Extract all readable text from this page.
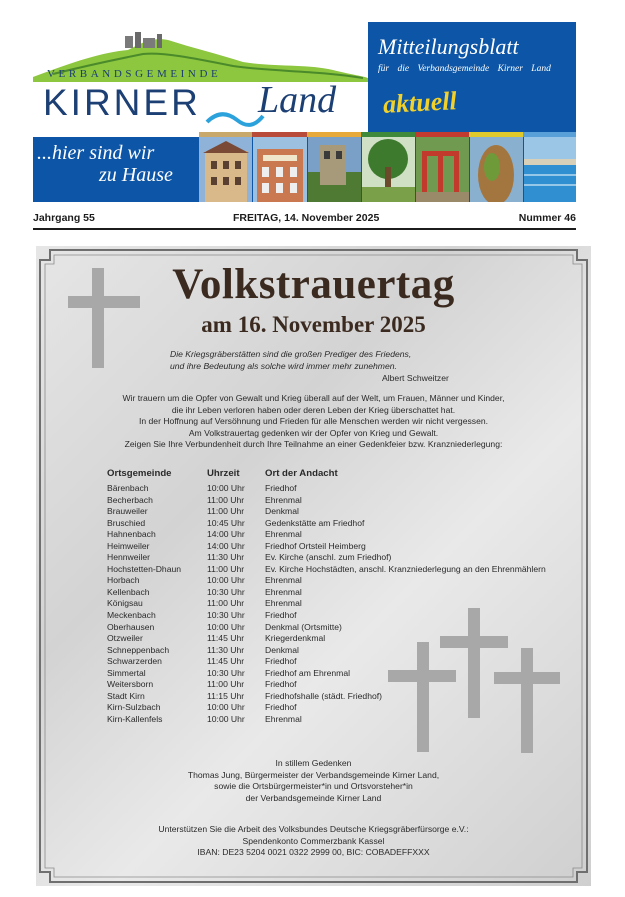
VERBANDSGEMEINDE
KIRNER Land
Mitteilungsblatt
für die Verbandsgemeinde Kirner Land
aktuell
...hier sind wir
zu Hause
Jahrgang 55	FREITAG, 14. November 2025	Nummer 46
Volkstrauertag
am 16. November 2025
Die Kriegsgräberstätten sind die großen Prediger des Friedens,
und ihre Bedeutung als solche wird immer mehr zunehmen.
Albert Schweitzer
Wir trauern um die Opfer von Gewalt und Krieg überall auf der Welt, um Frauen, Männer und Kinder,
die ihr Leben verloren haben oder deren Leben der Krieg überschattet hat.
In der Hoffnung auf Versöhnung und Frieden für alle Menschen werden wir nicht vergessen.
Am Volkstrauertag gedenken wir der Opfer von Krieg und Gewalt.
Zeigen Sie Ihre Verbundenheit durch Ihre Teilnahme an einer Gedenkfeier bzw. Kranzniederlegung:
Ortsgemeinde	Uhrzeit	Ort der Andacht
Bärenbach	10:00 Uhr Friedhof
Becherbach	11:00 Uhr Ehrenmal
Brauweiler	11:00 Uhr Denkmal
Bruschied	10:45 Uhr Gedenkstätte am Friedhof
Hahnenbach	14:00 Uhr Ehrenmal
Heimweiler	14:00 Uhr Friedhof Ortsteil Heimberg
Hennweiler	11:30 Uhr Ev. Kirche (anschl. zum Friedhof)
Hochstetten-Dhaun	11:00 Uhr Ev. Kirche Hochstädten, anschl. Kranzniederlegung an den Ehrenmählern
Horbach	10:00 Uhr Ehrenmal
Kellenbach	10:30 Uhr Ehrenmal
Königsau	11:00 Uhr Ehrenmal
Meckenbach	10:30 Uhr Friedhof
Oberhausen	10:00 Uhr Denkmal (Ortsmitte)
Otzweiler	11:45 Uhr Kriegerdenkmal
Schneppenbach	11:30 Uhr Denkmal
Schwarzerden	11:45 Uhr Friedhof
Simmertal	10:30 Uhr Friedhof am Ehrenmal
Weitersborn	11:00 Uhr Friedhof
Stadt Kirn	11:15 Uhr Friedhofshalle (städt. Friedhof)
Kirn-Sulzbach	10:00 Uhr Friedhof
Kirn-Kallenfels	10:00 Uhr Ehrenmal
In stillem Gedenken
Thomas Jung, Bürgermeister der Verbandsgemeinde Kirner Land,
sowie die Ortsbürgermeister*in und Ortsvorsteher*in
der Verbandsgemeinde Kirner Land
Unterstützen Sie die Arbeit des Volksbundes Deutsche Kriegsgräberfürsorge e.V.:
Spendenkonto Commerzbank Kassel
IBAN: DE23 5204 0021 0322 2999 00, BIC: COBADEFFXXX
